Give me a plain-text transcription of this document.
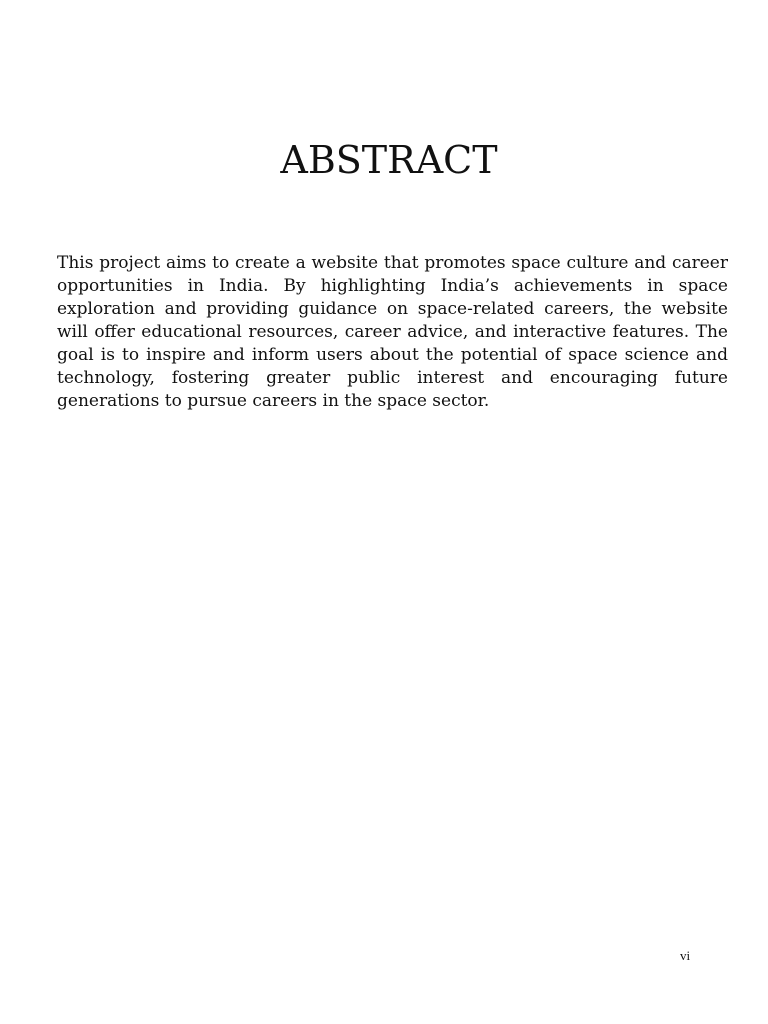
ABSTRACT

This project aims to create a website that promotes space culture and career opportunities in India. By highlighting India’s achievements in space exploration and providing guidance on space-related careers, the website will offer educational resources, career advice, and interactive features. The goal is to inspire and inform users about the potential of space science and technology, fostering greater public interest and encouraging future generations to pursue careers in the space sector.

vi
